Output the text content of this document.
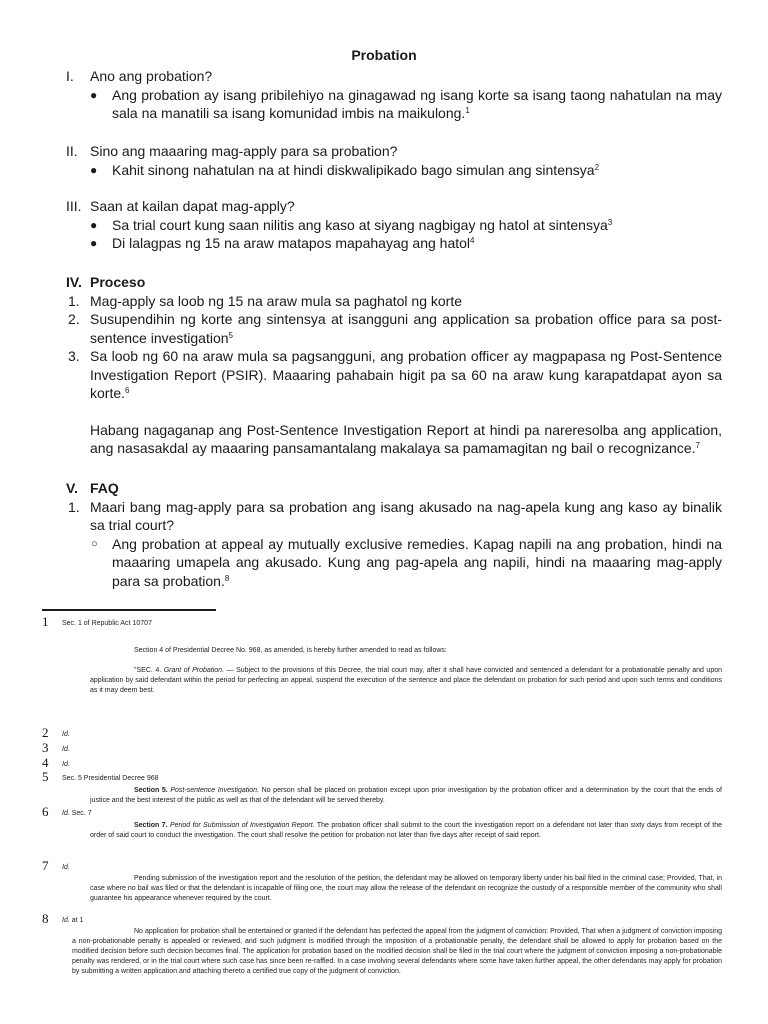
Probation
I. Ano ang probation?
● Ang probation ay isang pribilehiyo na ginagawad ng isang korte sa isang taong nahatulan na may sala na manatili sa isang komunidad imbis na maikulong.$^1$
II. Sino ang maaaring mag-apply para sa probation?
● Kahit sinong nahatulan na at hindi diskwalipikado bago simulan ang sintensya$^2$
III. Saan at kailan dapat mag-apply?
● Sa trial court kung saan nilitis ang kaso at siyang nagbigay ng hatol at sintensya$^3$
● Di lalagpas ng 15 na araw matapos mapahayag ang hatol$^4$
IV. Proceso
1. Mag-apply sa loob ng 15 na araw mula sa paghatol ng korte
2. Susupendihin ng korte ang sintensya at isangguni ang application sa probation office para sa post-sentence investigation$^5$
3. Sa loob ng 60 na araw mula sa pagsangguni, ang probation officer ay magpapasa ng Post-Sentence Investigation Report (PSIR). Maaaring pahabain higit pa sa 60 na araw kung karapatdapat ayon sa korte.$^6$
Habang nagaganap ang Post-Sentence Investigation Report at hindi pa nareresolba ang application, ang nasasakdal ay maaaring pansamantalang makalaya sa pamamagitan ng bail o recognizance.$^7$
V. FAQ
1. Maari bang mag-apply para sa probation ang isang akusado na nag-apela kung ang kaso ay binalik sa trial court?
○ Ang probation at appeal ay mutually exclusive remedies. Kapag napili na ang probation, hindi na maaaring umapela ang akusado. Kung ang pag-apela ang napili, hindi na maaaring mag-apply para sa probation.$^8$
1 Sec. 1 of Republic Act 10707
Section 4 of Presidential Decree No. 968, as amended, is hereby further amended to read as follows:
"SEC. 4. Grant of Probation. — Subject to the provisions of this Decree, the trial court may, after it shall have convicted and sentenced a defendant for a probationable penalty and upon application by said defendant within the period for perfecting an appeal, suspend the execution of the sentence and place the defendant on probation for such period and upon such terms and conditions as it may deem best.
2 Id.
3 Id.
4 Id.
5 Sec. 5 Presidential Decree 968
Section 5. Post-sentence Investigation. No person shall be placed on probation except upon prior investigation by the probation officer and a determination by the court that the ends of justice and the best interest of the public as well as that of the defendant will be served thereby.
6 Id. Sec. 7
Section 7. Period for Submission of Investigation Report. The probation officer shall submit to the court the investigation report on a defendant not later than sixty days from receipt of the order of said court to conduct the investigation. The court shall resolve the petition for probation not later than five days after receipt of said report.
7 Id.
Pending submission of the investigation report and the resolution of the petition, the defendant may be allowed on temporary liberty under his bail filed in the criminal case; Provided, That, in case where no bail was filed or that the defendant is incapable of filing one, the court may allow the release of the defendant on recognize the custody of a responsible member of the community who shall guarantee his appearance whenever required by the court.
8 Id. at 1
No application for probation shall be entertained or granted if the defendant has perfected the appeal from the judgment of conviction: Provided, That when a judgment of conviction imposing a non-probationable penalty is appealed or reviewed, and such judgment is modified through the imposition of a probationable penalty, the defendant shall be allowed to apply for probation based on the modified decision before such decision becomes final. The application for probation based on the modified decision shall be filed in the trial court where the judgment of conviction imposing a non-probationable penalty was rendered, or in the trial court where such case has since been re-raffled. In a case involving several defendants where some have taken further appeal, the other defendants may apply for probation by submitting a written application and attaching thereto a certified true copy of the judgment of conviction.
